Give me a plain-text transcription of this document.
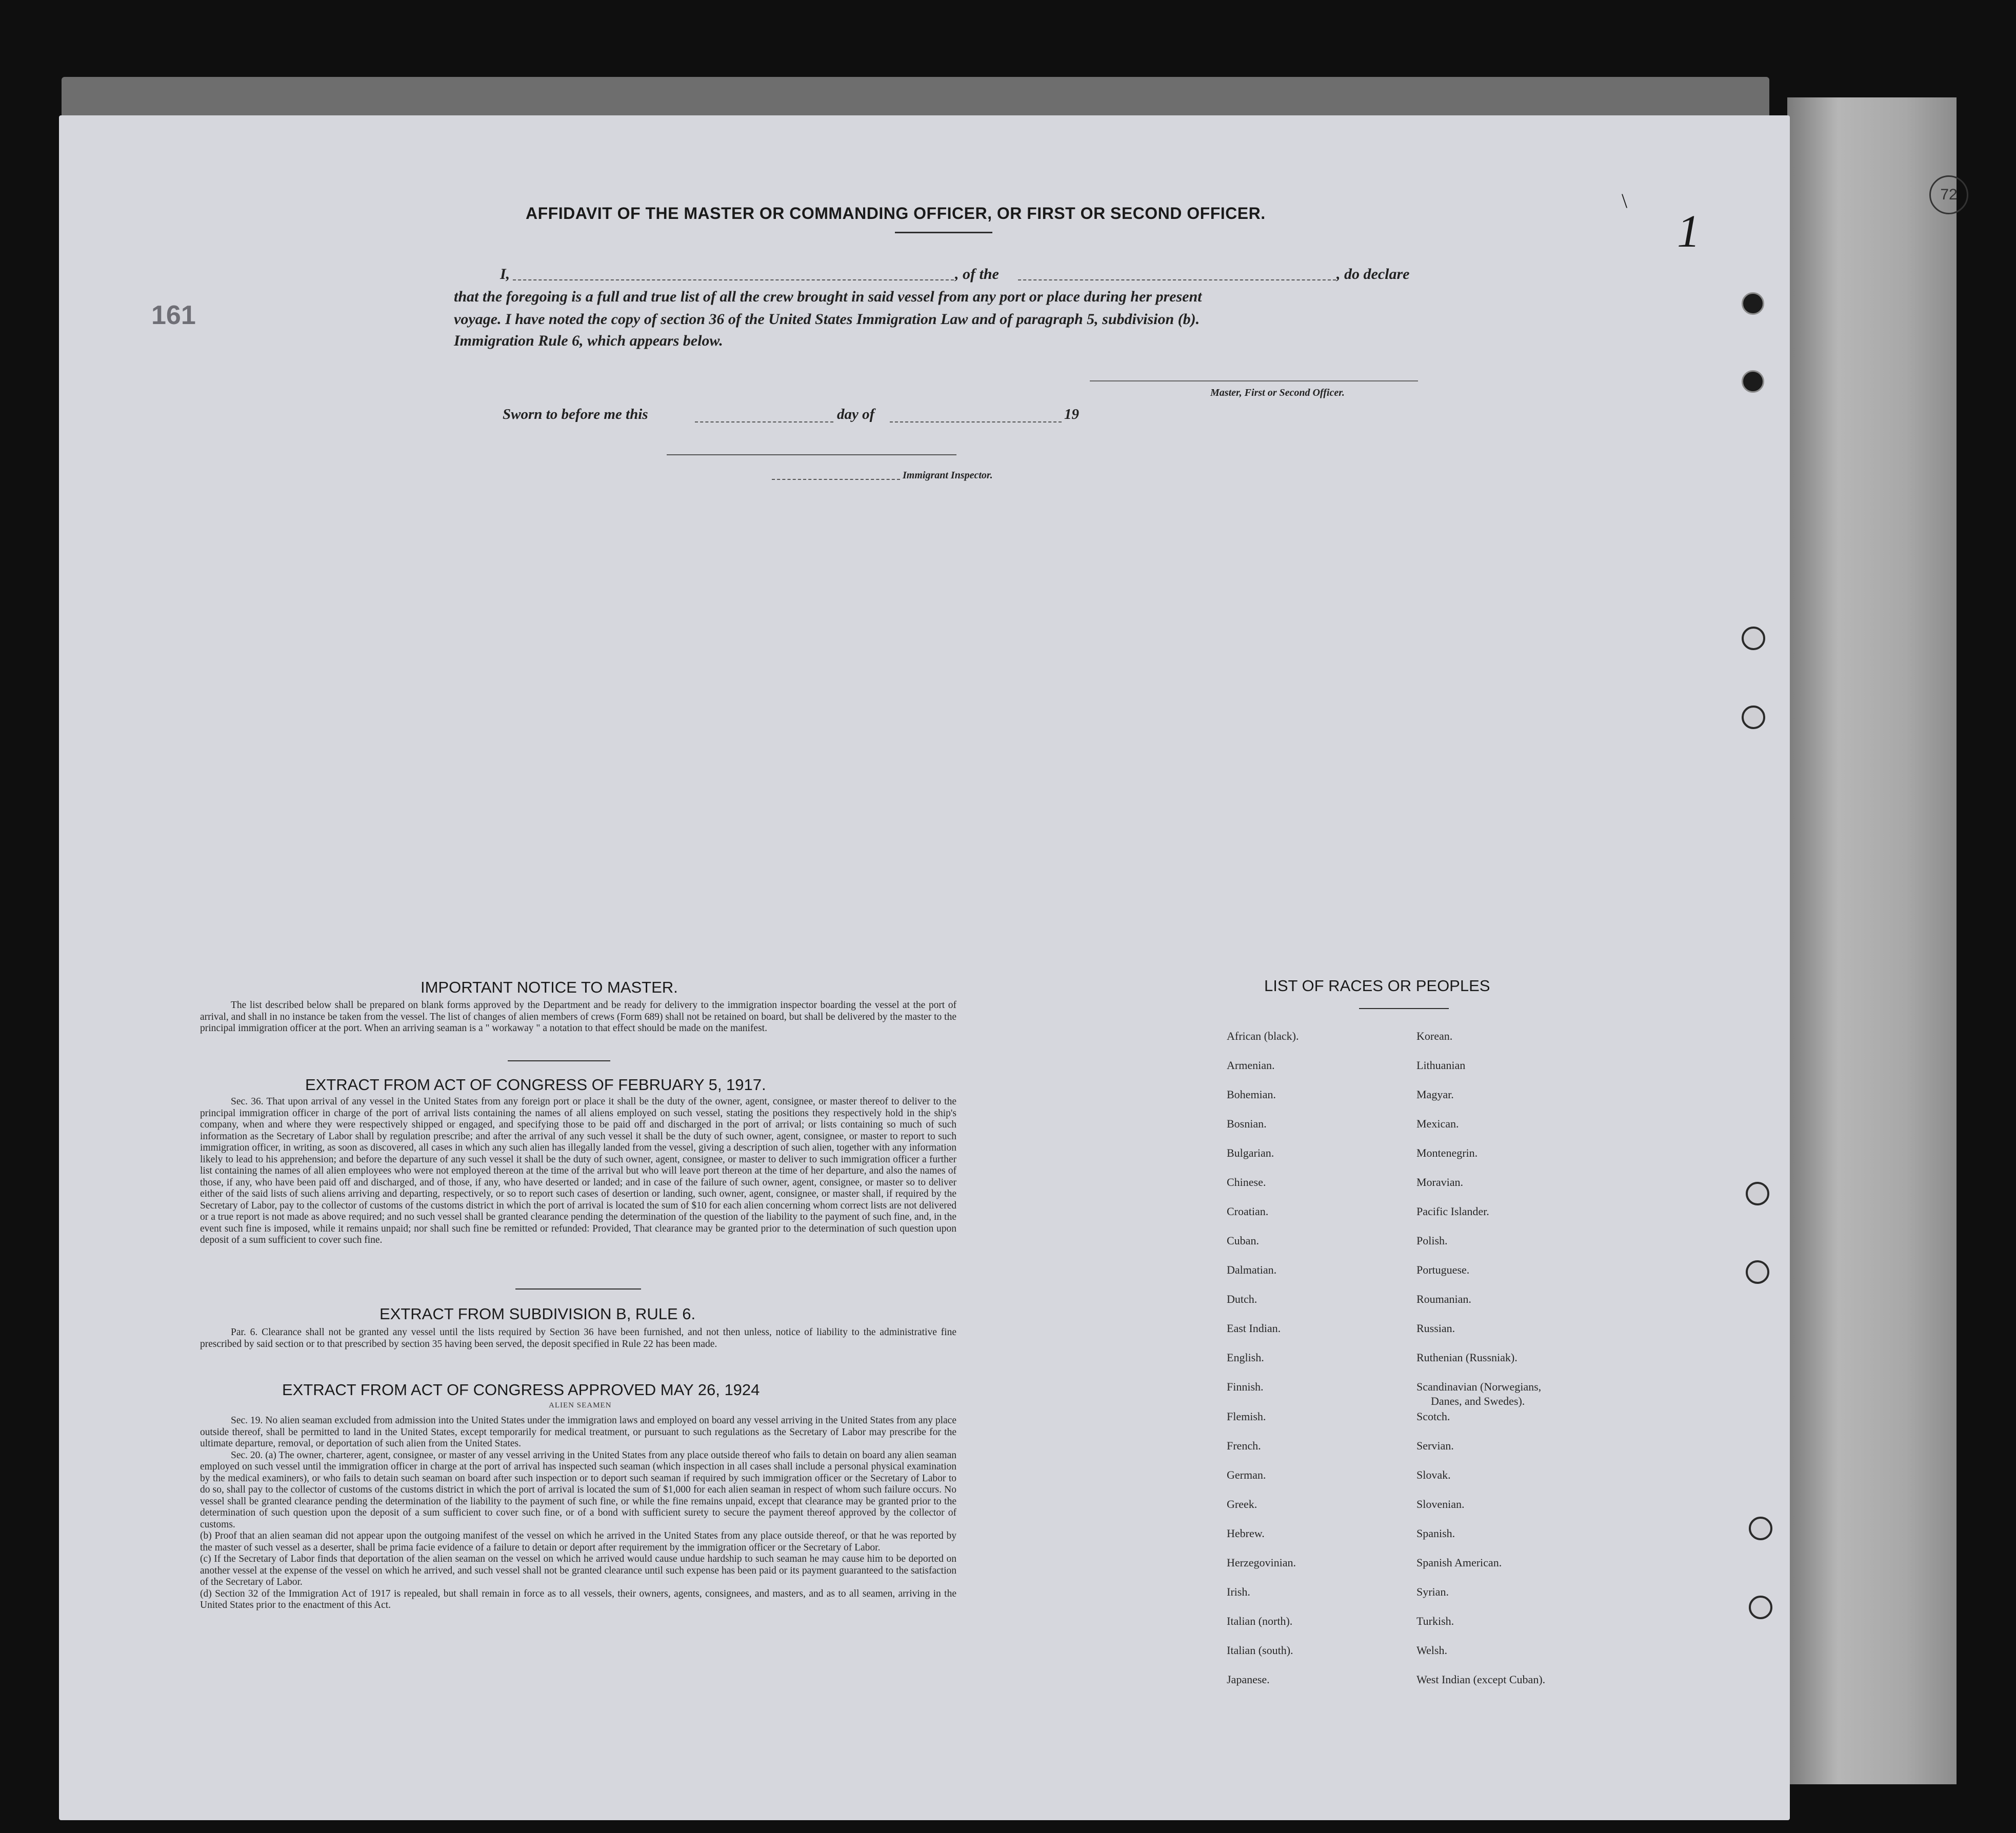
72
161
1
\
AFFIDAVIT OF THE MASTER OR COMMANDING OFFICER, OR FIRST OR SECOND OFFICER.
I,	, of the	, do declare
that the foregoing is a full and true list of all the crew brought in said vessel from any port or place during her present
voyage. I have noted the copy of section 36 of the United States Immigration Law and of paragraph 5, subdivision (b).
Immigration Rule 6, which appears below.
Master, First or Second Officer.
Sworn to before me this	day of	19
Immigrant Inspector.
IMPORTANT NOTICE TO MASTER.
The list described below shall be prepared on blank forms approved by the Department and be ready for delivery to the immigration inspector boarding the vessel at the port of arrival, and shall in no instance be taken from the vessel. The list of changes of alien members of crews (Form 689) shall not be retained on board, but shall be delivered by the master to the principal immigration officer at the port. When an arriving seaman is a " workaway " a notation to that effect should be made on the manifest.
EXTRACT FROM ACT OF CONGRESS OF FEBRUARY 5, 1917.
Sec. 36. That upon arrival of any vessel in the United States from any foreign port or place it shall be the duty of the owner, agent, consignee, or master thereof to deliver to the principal immigration officer in charge of the port of arrival lists containing the names of all aliens employed on such vessel, stating the positions they respectively hold in the ship's company, when and where they were respectively shipped or engaged, and specifying those to be paid off and discharged in the port of arrival; or lists containing so much of such information as the Secretary of Labor shall by regulation prescribe; and after the arrival of any such vessel it shall be the duty of such owner, agent, consignee, or master to report to such immigration officer, in writing, as soon as discovered, all cases in which any such alien has illegally landed from the vessel, giving a description of such alien, together with any information likely to lead to his apprehension; and before the departure of any such vessel it shall be the duty of such owner, agent, consignee, or master to deliver to such immigration officer a further list containing the names of all alien employees who were not employed thereon at the time of the arrival but who will leave port thereon at the time of her departure, and also the names of those, if any, who have been paid off and discharged, and of those, if any, who have deserted or landed; and in case of the failure of such owner, agent, consignee, or master so to deliver either of the said lists of such aliens arriving and departing, respectively, or so to report such cases of desertion or landing, such owner, agent, consignee, or master shall, if required by the Secretary of Labor, pay to the collector of customs of the customs district in which the port of arrival is located the sum of $10 for each alien concerning whom correct lists are not delivered or a true report is not made as above required; and no such vessel shall be granted clearance pending the determination of the question of the liability to the payment of such fine, and, in the event such fine is imposed, while it remains unpaid; nor shall such fine be remitted or refunded: Provided, That clearance may be granted prior to the determination of such question upon deposit of a sum sufficient to cover such fine.
EXTRACT FROM SUBDIVISION B, RULE 6.
Par. 6. Clearance shall not be granted any vessel until the lists required by Section 36 have been furnished, and not then unless, notice of liability to the administrative fine prescribed by said section or to that prescribed by section 35 having been served, the deposit specified in Rule 22 has been made.
EXTRACT FROM ACT OF CONGRESS APPROVED MAY 26, 1924
ALIEN SEAMEN
Sec. 19. No alien seaman excluded from admission into the United States under the immigration laws and employed on board any vessel arriving in the United States from any place outside thereof, shall be permitted to land in the United States, except temporarily for medical treatment, or pursuant to such regulations as the Secretary of Labor may prescribe for the ultimate departure, removal, or deportation of such alien from the United States.
Sec. 20. (a) The owner, charterer, agent, consignee, or master of any vessel arriving in the United States from any place outside thereof who fails to detain on board any alien seaman employed on such vessel until the immigration officer in charge at the port of arrival has inspected such seaman (which inspection in all cases shall include a personal physical examination by the medical examiners), or who fails to detain such seaman on board after such inspection or to deport such seaman if required by such immigration officer or the Secretary of Labor to do so, shall pay to the collector of customs of the customs district in which the port of arrival is located the sum of $1,000 for each alien seaman in respect of whom such failure occurs. No vessel shall be granted clearance pending the determination of the liability to the payment of such fine, or while the fine remains unpaid, except that clearance may be granted prior to the determination of such question upon the deposit of a sum sufficient to cover such fine, or of a bond with sufficient surety to secure the payment thereof approved by the collector of customs.
(b) Proof that an alien seaman did not appear upon the outgoing manifest of the vessel on which he arrived in the United States from any place outside thereof, or that he was reported by the master of such vessel as a deserter, shall be prima facie evidence of a failure to detain or deport after requirement by the immigration officer or the Secretary of Labor.
(c) If the Secretary of Labor finds that deportation of the alien seaman on the vessel on which he arrived would cause undue hardship to such seaman he may cause him to be deported on another vessel at the expense of the vessel on which he arrived, and such vessel shall not be granted clearance until such expense has been paid or its payment guaranteed to the satisfaction of the Secretary of Labor.
(d) Section 32 of the Immigration Act of 1917 is repealed, but shall remain in force as to all vessels, their owners, agents, consignees, and masters, and as to all seamen, arriving in the United States prior to the enactment of this Act.
LIST OF RACES OR PEOPLES
African (black).
Armenian.
Bohemian.
Bosnian.
Bulgarian.
Chinese.
Croatian.
Cuban.
Dalmatian.
Dutch.
East Indian.
English.
Finnish.
Flemish.
French.
German.
Greek.
Hebrew.
Herzegovinian.
Irish.
Italian (north).
Italian (south).
Japanese.
Korean.
Lithuanian
Magyar.
Mexican.
Montenegrin.
Moravian.
Pacific Islander.
Polish.
Portuguese.
Roumanian.
Russian.
Ruthenian (Russniak).
Scandinavian (Norwegians,
Danes, and Swedes).
Scotch.
Servian.
Slovak.
Slovenian.
Spanish.
Spanish American.
Syrian.
Turkish.
Welsh.
West Indian (except Cuban).
